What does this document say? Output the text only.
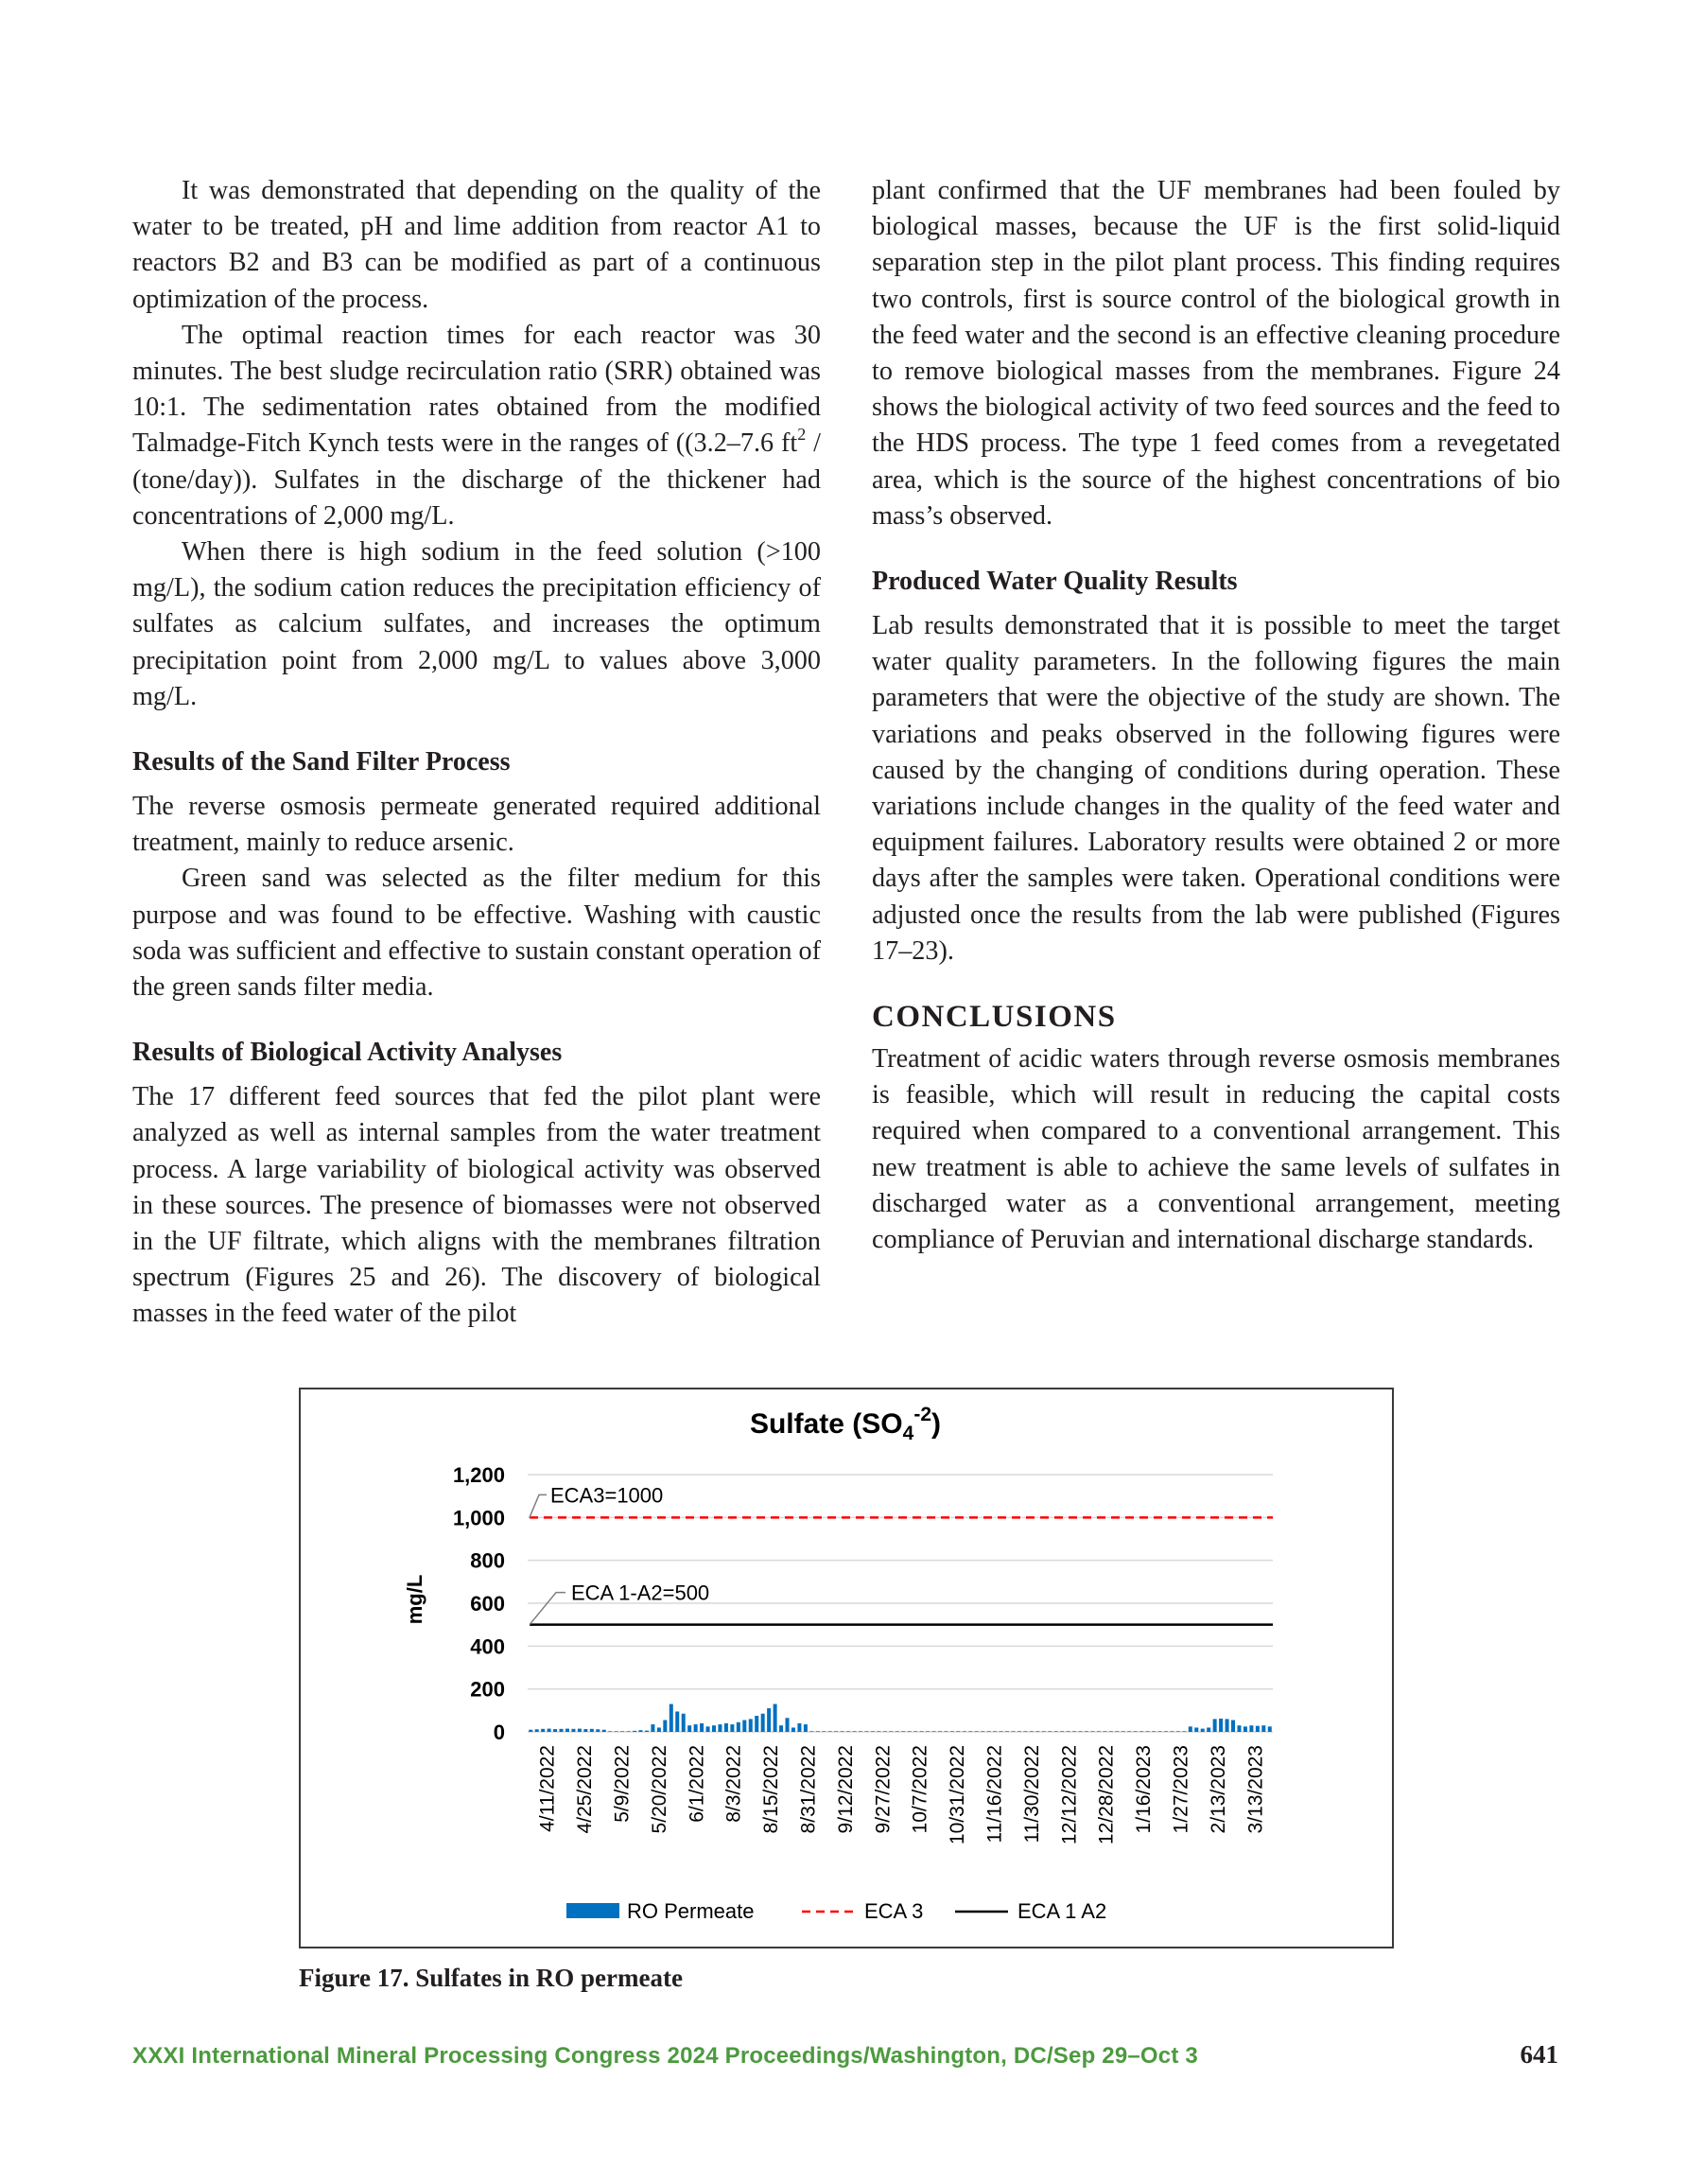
It was demonstrated that depending on the quality of the water to be treated, pH and lime addition from reactor A1 to reactors B2 and B3 can be modified as part of a continuous optimization of the process.

The optimal reaction times for each reactor was 30 minutes. The best sludge recirculation ratio (SRR) obtained was 10:1. The sedimentation rates obtained from the modified Talmadge-Fitch Kynch tests were in the ranges of ((3.2–7.6 $ft^2$ / (tone/day)). Sulfates in the discharge of the thickener had concentrations of 2,000 mg/L.

When there is high sodium in the feed solution (>100 mg/L), the sodium cation reduces the precipitation efficiency of sulfates as calcium sulfates, and increases the optimum precipitation point from 2,000 mg/L to values above 3,000 mg/L.

Results of the Sand Filter Process

The reverse osmosis permeate generated required additional treatment, mainly to reduce arsenic.

Green sand was selected as the filter medium for this purpose and was found to be effective. Washing with caustic soda was sufficient and effective to sustain constant operation of the green sands filter media.

Results of Biological Activity Analyses

The 17 different feed sources that fed the pilot plant were analyzed as well as internal samples from the water treatment process. A large variability of biological activity was observed in these sources. The presence of biomasses were not observed in the UF filtrate, which aligns with the membranes filtration spectrum (Figures 25 and 26). The discovery of biological masses in the feed water of the pilot

plant confirmed that the UF membranes had been fouled by biological masses, because the UF is the first solid-liquid separation step in the pilot plant process. This finding requires two controls, first is source control of the biological growth in the feed water and the second is an effective cleaning procedure to remove biological masses from the membranes. Figure 24 shows the biological activity of two feed sources and the feed to the HDS process. The type 1 feed comes from a revegetated area, which is the source of the highest concentrations of bio mass’s observed.

Produced Water Quality Results

Lab results demonstrated that it is possible to meet the target water quality parameters. In the following figures the main parameters that were the objective of the study are shown. The variations and peaks observed in the following figures were caused by the changing of conditions during operation. These variations include changes in the quality of the feed water and equipment failures. Laboratory results were obtained 2 or more days after the samples were taken. Operational conditions were adjusted once the results from the lab were published (Figures 17–23).

CONCLUSIONS

Treatment of acidic waters through reverse osmosis membranes is feasible, which will result in reducing the capital costs required when compared to a conventional arrangement. This new treatment is able to achieve the same levels of sulfates in discharged water as a conventional arrangement, meeting compliance of Peruvian and international discharge standards.

Sulfate $(SO_4^{-2})$
mg/L
0
200
400
600
800
1,000
1,200
ECA3=1000
ECA 1-A2=500
4/11/2022 4/25/2022 5/9/2022 5/20/2022 6/1/2022 8/3/2022 8/15/2022 8/31/2022 9/12/2022 9/27/2022 10/7/2022 10/31/2022 11/16/2022 11/30/2022 12/12/2022 12/28/2022 1/16/2023 1/27/2023 2/13/2023 3/13/2023
RO Permeate	ECA 3	ECA 1 A2
Figure 17. Sulfates in RO permeate
XXXI International Mineral Processing Congress 2024 Proceedings/Washington, DC/Sep 29–Oct 3	641
